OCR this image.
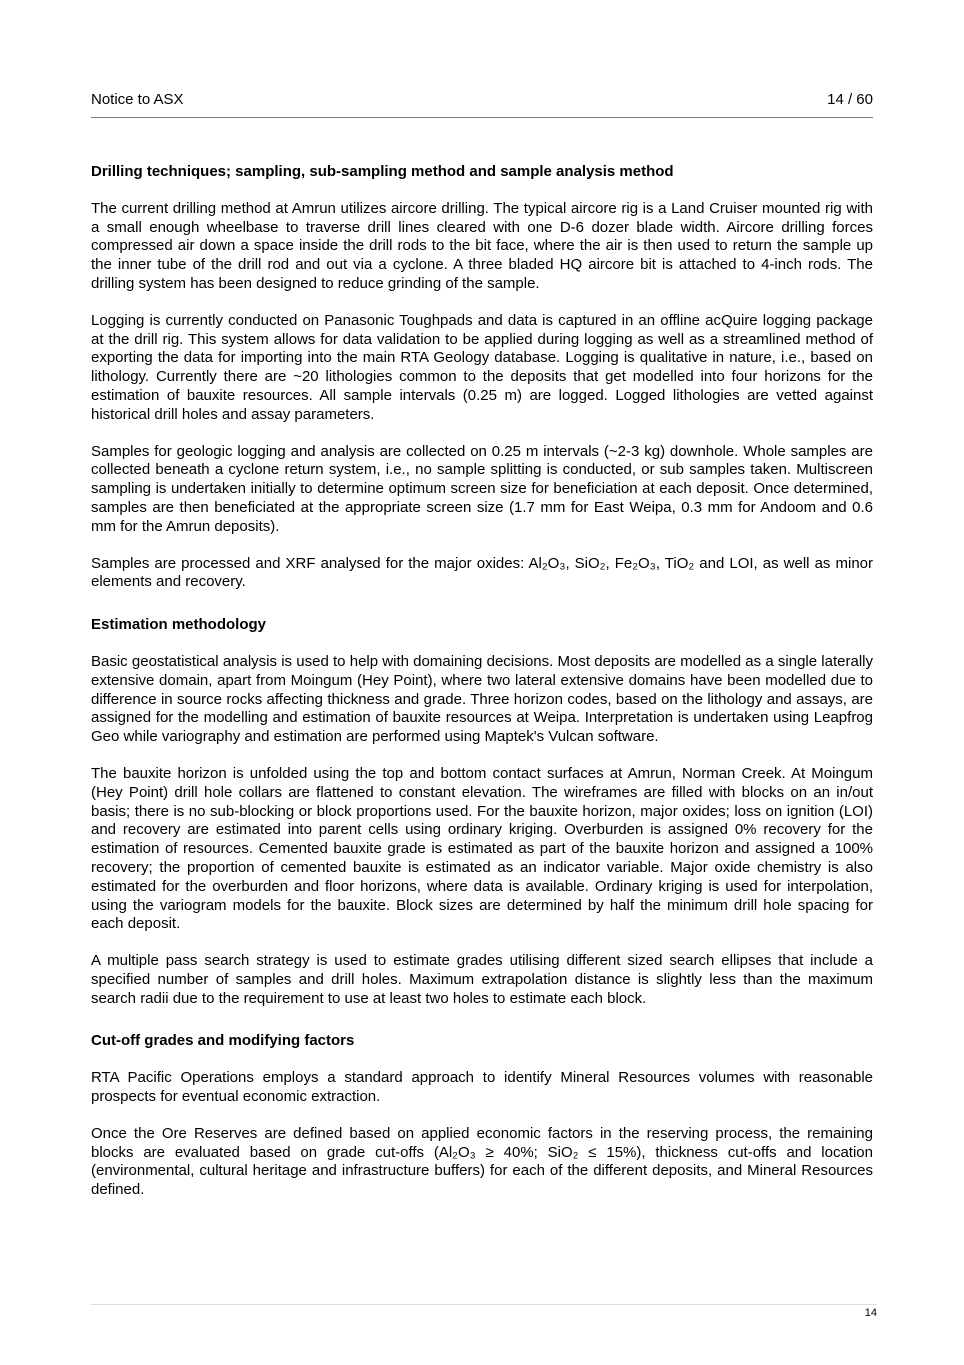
Notice to ASX	14 / 60
Drilling techniques; sampling, sub-sampling method and sample analysis method

The current drilling method at Amrun utilizes aircore drilling. The typical aircore rig is a Land Cruiser mounted rig with a small enough wheelbase to traverse drill lines cleared with one D-6 dozer blade width. Aircore drilling forces compressed air down a space inside the drill rods to the bit face, where the air is then used to return the sample up the inner tube of the drill rod and out via a cyclone. A three bladed HQ aircore bit is attached to 4-inch rods. The drilling system has been designed to reduce grinding of the sample.

Logging is currently conducted on Panasonic Toughpads and data is captured in an offline acQuire logging package at the drill rig. This system allows for data validation to be applied during logging as well as a streamlined method of exporting the data for importing into the main RTA Geology database. Logging is qualitative in nature, i.e., based on lithology. Currently there are ~20 lithologies common to the deposits that get modelled into four horizons for the estimation of bauxite resources. All sample intervals (0.25 m) are logged. Logged lithologies are vetted against historical drill holes and assay parameters.

Samples for geologic logging and analysis are collected on 0.25 m intervals (~2-3 kg) downhole. Whole samples are collected beneath a cyclone return system, i.e., no sample splitting is conducted, or sub samples taken. Multiscreen sampling is undertaken initially to determine optimum screen size for beneficiation at each deposit. Once determined, samples are then beneficiated at the appropriate screen size (1.7 mm for East Weipa, 0.3 mm for Andoom and 0.6 mm for the Amrun deposits).

Samples are processed and XRF analysed for the major oxides: Al₂O₃, SiO₂, Fe₂O₃, TiO₂ and LOI, as well as minor elements and recovery.

Estimation methodology

Basic geostatistical analysis is used to help with domaining decisions. Most deposits are modelled as a single laterally extensive domain, apart from Moingum (Hey Point), where two lateral extensive domains have been modelled due to difference in source rocks affecting thickness and grade. Three horizon codes, based on the lithology and assays, are assigned for the modelling and estimation of bauxite resources at Weipa. Interpretation is undertaken using Leapfrog Geo while variography and estimation are performed using Maptek's Vulcan software.

The bauxite horizon is unfolded using the top and bottom contact surfaces at Amrun, Norman Creek. At Moingum (Hey Point) drill hole collars are flattened to constant elevation. The wireframes are filled with blocks on an in/out basis; there is no sub-blocking or block proportions used. For the bauxite horizon, major oxides; loss on ignition (LOI) and recovery are estimated into parent cells using ordinary kriging. Overburden is assigned 0% recovery for the estimation of resources. Cemented bauxite grade is estimated as part of the bauxite horizon and assigned a 100% recovery; the proportion of cemented bauxite is estimated as an indicator variable. Major oxide chemistry is also estimated for the overburden and floor horizons, where data is available. Ordinary kriging is used for interpolation, using the variogram models for the bauxite. Block sizes are determined by half the minimum drill hole spacing for each deposit.

A multiple pass search strategy is used to estimate grades utilising different sized search ellipses that include a specified number of samples and drill holes. Maximum extrapolation distance is slightly less than the maximum search radii due to the requirement to use at least two holes to estimate each block.

Cut-off grades and modifying factors

RTA Pacific Operations employs a standard approach to identify Mineral Resources volumes with reasonable prospects for eventual economic extraction.

Once the Ore Reserves are defined based on applied economic factors in the reserving process, the remaining blocks are evaluated based on grade cut-offs (Al₂O₃ ≥ 40%; SiO₂ ≤ 15%), thickness cut-offs and location (environmental, cultural heritage and infrastructure buffers) for each of the different deposits, and Mineral Resources defined.

14
